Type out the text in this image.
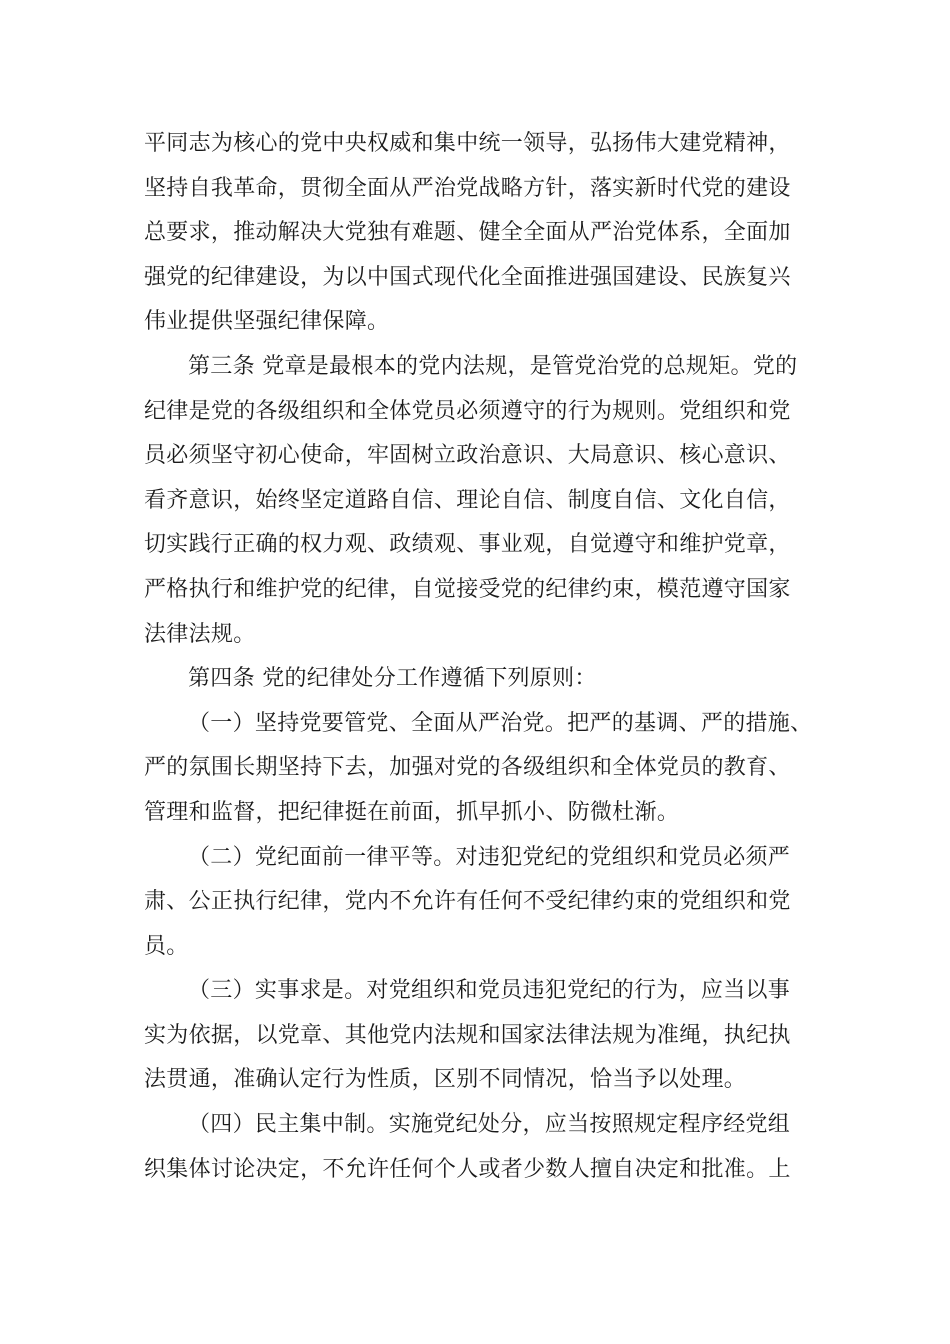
平同志为核心的党中央权威和集中统一领导，弘扬伟大建党精神，
坚持自我革命，贯彻全面从严治党战略方针，落实新时代党的建设
总要求，推动解决大党独有难题、健全全面从严治党体系，全面加
强党的纪律建设，为以中国式现代化全面推进强国建设、民族复兴
伟业提供坚强纪律保障。
第三条 党章是最根本的党内法规，是管党治党的总规矩。党的
纪律是党的各级组织和全体党员必须遵守的行为规则。党组织和党
员必须坚守初心使命，牢固树立政治意识、大局意识、核心意识、
看齐意识，始终坚定道路自信、理论自信、制度自信、文化自信，
切实践行正确的权力观、政绩观、事业观，自觉遵守和维护党章，
严格执行和维护党的纪律，自觉接受党的纪律约束，模范遵守国家
法律法规。
第四条 党的纪律处分工作遵循下列原则：
（一）坚持党要管党、全面从严治党。把严的基调、严的措施、
严的氛围长期坚持下去，加强对党的各级组织和全体党员的教育、
管理和监督，把纪律挺在前面，抓早抓小、防微杜渐。
（二）党纪面前一律平等。对违犯党纪的党组织和党员必须严
肃、公正执行纪律，党内不允许有任何不受纪律约束的党组织和党
员。
（三）实事求是。对党组织和党员违犯党纪的行为，应当以事
实为依据，以党章、其他党内法规和国家法律法规为准绳，执纪执
法贯通，准确认定行为性质，区别不同情况，恰当予以处理。
（四）民主集中制。实施党纪处分，应当按照规定程序经党组
织集体讨论决定，不允许任何个人或者少数人擅自决定和批准。上
